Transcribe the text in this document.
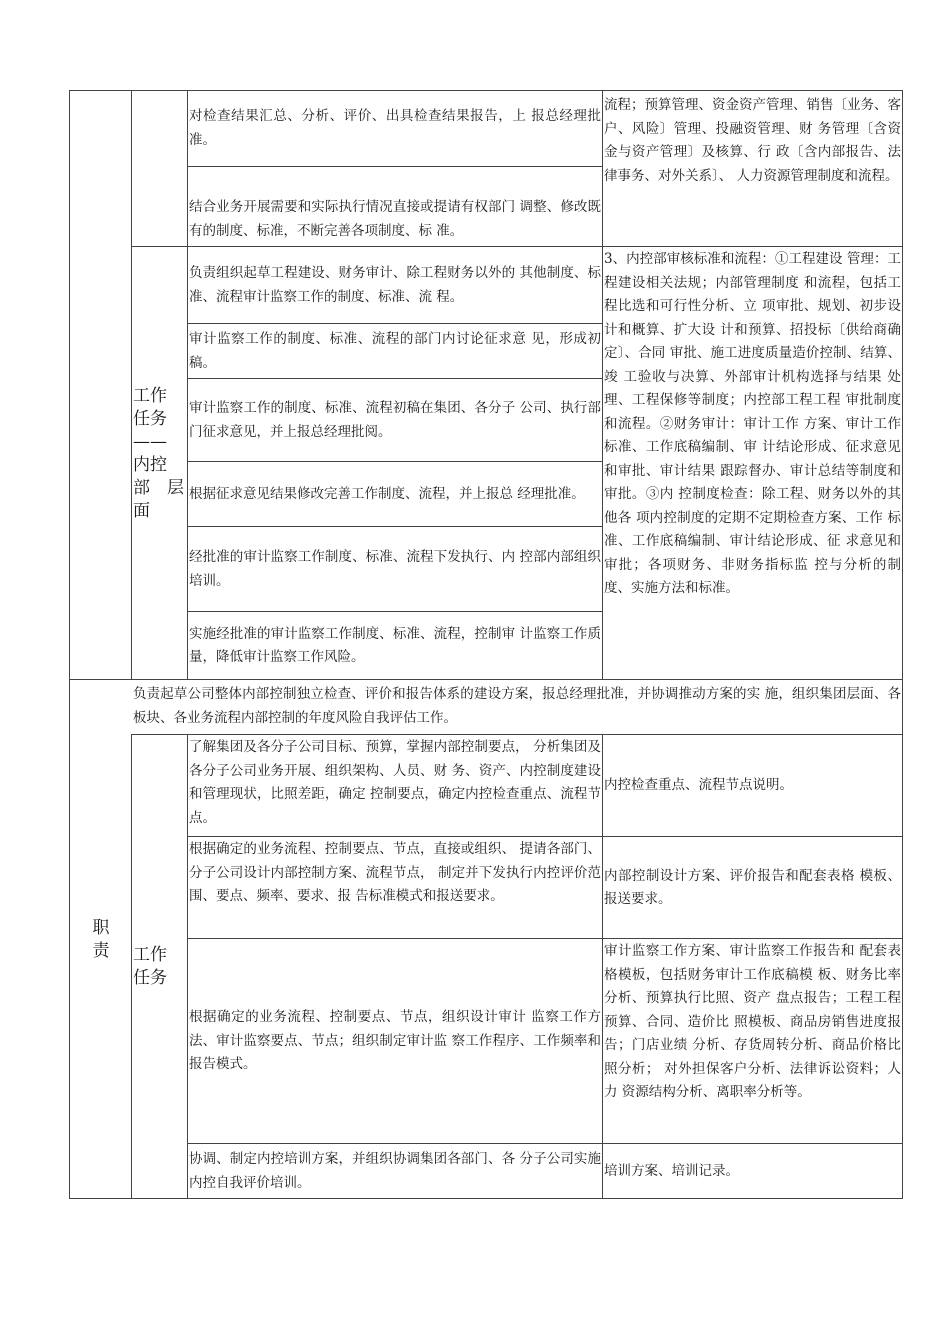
对检查结果汇总、分析、评价、出具检查结果报告，上 报总经理批准。
结合业务开展需要和实际执行情况直接或提请有权部门 调整、修改既有的制度、标准，不断完善各项制度、标 准。
流程；预算管理、资金资产管理、销售〔业务、客户、风险〕管理、投融资管理、财 务管理〔含资金与资产管理〕及核算、行 政〔含内部报告、法律事务、对外关系〕、 人力资源管理制度和流程。
工作
任务
——
内控
部　层
面
负责组织起草工程建设、财务审计、除工程财务以外的 其他制度、标准、流程审计监察工作的制度、标准、流 程。
审计监察工作的制度、标准、流程的部门内讨论征求意 见，形成初稿。
审计监察工作的制度、标准、流程初稿在集团、各分子 公司、执行部门征求意见，并上报总经理批阅。
根据征求意见结果修改完善工作制度、流程，并上报总 经理批准。
经批准的审计监察工作制度、标准、流程下发执行、内 控部内部组织培训。
实施经批准的审计监察工作制度、标准、流程，控制审 计监察工作质量，降低审计监察工作风险。
3、内控部审核标准和流程：①工程建设 管理：工程建设相关法规；内部管理制度 和流程，包括工程比选和可行性分析、立 项审批、规划、初步设计和概算、扩大设 计和预算、招投标〔供给商确定〕、合同 审批、施工进度质量造价控制、结算、竣 工验收与决算、外部审计机构选择与结果 处理、工程保修等制度；内控部工程工程 审批制度和流程。②财务审计：审计工作 方案、审计工作标准、工作底稿编制、审 计结论形成、征求意见和审批、审计结果 跟踪督办、审计总结等制度和审批。③内 控制度检查：除工程、财务以外的其他各 项内控制度的定期不定期检查方案、工作 标准、工作底稿编制、审计结论形成、征 求意见和审批；各项财务、非财务指标监 控与分析的制度、实施方法和标准。
职
责
负责起草公司整体内部控制独立检查、评价和报告体系的建设方案，报总经理批准，并协调推动方案的实 施，组织集团层面、各板块、各业务流程内部控制的年度风险自我评估工作。
工作
任务
了解集团及各分子公司目标、预算，掌握内部控制要点， 分析集团及各分子公司业务开展、组织架构、人员、财 务、资产、内控制度建设和管理现状，比照差距，确定 控制要点，确定内控检查重点、流程节点。
内控检查重点、流程节点说明。
根据确定的业务流程、控制要点、节点，直接或组织、 提请各部门、分子公司设计内部控制方案、流程节点， 制定并下发执行内控评价范围、要点、频率、要求、报 告标准模式和报送要求。
内部控制设计方案、评价报告和配套表格 模板、报送要求。
根据确定的业务流程、控制要点、节点，组织设计审计 监察工作方法、审计监察要点、节点；组织制定审计监 察工作程序、工作频率和报告模式。
审计监察工作方案、审计监察工作报告和 配套表格模板，包括财务审计工作底稿模 板、财务比率分析、预算执行比照、资产 盘点报告；工程工程预算、合同、造价比 照模板、商品房销售进度报告；门店业绩 分析、存货周转分析、商品价格比照分析； 对外担保客户分析、法律诉讼资料；人力 资源结构分析、离职率分析等。
协调、制定内控培训方案，并组织协调集团各部门、各 分子公司实施内控自我评价培训。
培训方案、培训记录。
